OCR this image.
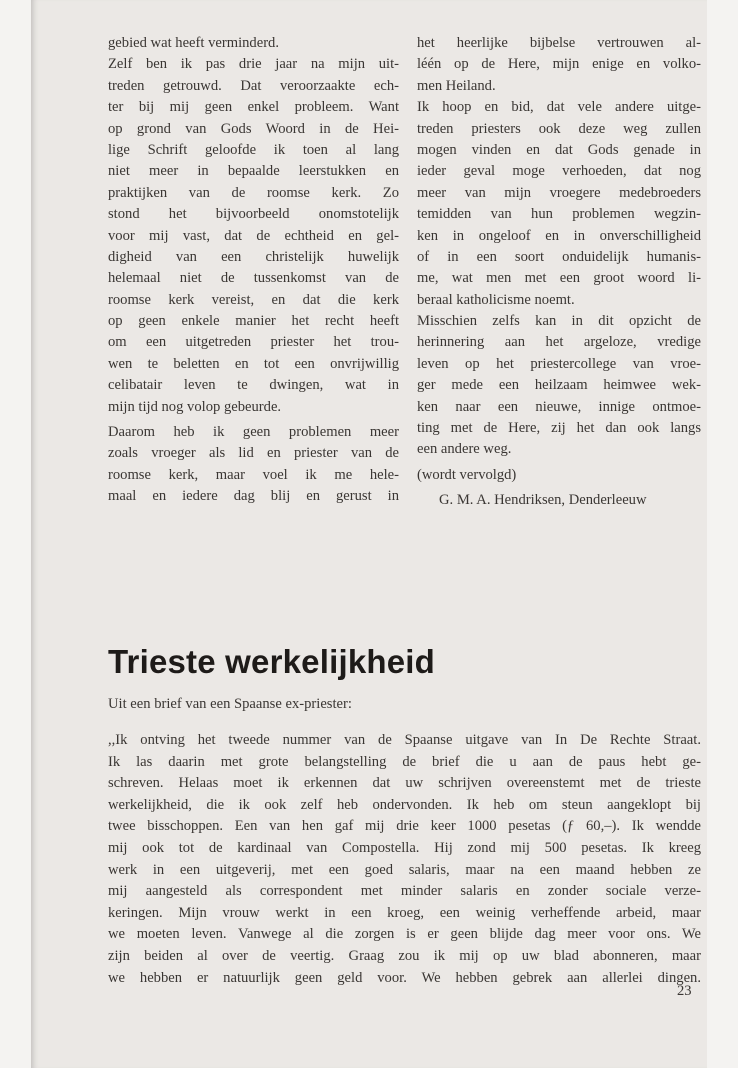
gebied wat heeft verminderd.
Zelf ben ik pas drie jaar na mijn uit-
treden getrouwd. Dat veroorzaakte ech-
ter bij mij geen enkel probleem. Want
op grond van Gods Woord in de Hei-
lige Schrift geloofde ik toen al lang
niet meer in bepaalde leerstukken en
praktijken van de roomse kerk. Zo
stond het bijvoorbeeld onomstotelijk
voor mij vast, dat de echtheid en gel-
digheid van een christelijk huwelijk
helemaal niet de tussenkomst van de
roomse kerk vereist, en dat die kerk
op geen enkele manier het recht heeft
om een uitgetreden priester het trou-
wen te beletten en tot een onvrijwillig
celibatair leven te dwingen, wat in
mijn tijd nog volop gebeurde.
Daarom heb ik geen problemen meer
zoals vroeger als lid en priester van de
roomse kerk, maar voel ik me hele-
maal en iedere dag blij en gerust in
het heerlijke bijbelse vertrouwen al-
léén op de Here, mijn enige en volko-
men Heiland.
Ik hoop en bid, dat vele andere uitge-
treden priesters ook deze weg zullen
mogen vinden en dat Gods genade in
ieder geval moge verhoeden, dat nog
meer van mijn vroegere medebroeders
temidden van hun problemen wegzin-
ken in ongeloof en in onverschilligheid
of in een soort onduidelijk humanis-
me, wat men met een groot woord li-
beraal katholicisme noemt.
Misschien zelfs kan in dit opzicht de
herinnering aan het argeloze, vredige
leven op het priestercollege van vroe-
ger mede een heilzaam heimwee wek-
ken naar een nieuwe, innige ontmoe-
ting met de Here, zij het dan ook langs
een andere weg.
(wordt vervolgd)
G. M. A. Hendriksen, Denderleeuw
Trieste werkelijkheid
Uit een brief van een Spaanse ex-priester:
,,Ik ontving het tweede nummer van de Spaanse uitgave van In De Rechte Straat.
Ik las daarin met grote belangstelling de brief die u aan de paus hebt ge-
schreven. Helaas moet ik erkennen dat uw schrijven overeenstemt met de trieste
werkelijkheid, die ik ook zelf heb ondervonden. Ik heb om steun aangeklopt bij
twee bisschoppen. Een van hen gaf mij drie keer 1000 pesetas (ƒ 60,–). Ik wendde
mij ook tot de kardinaal van Compostella. Hij zond mij 500 pesetas. Ik kreeg
werk in een uitgeverij, met een goed salaris, maar na een maand hebben ze
mij aangesteld als correspondent met minder salaris en zonder sociale verze-
keringen. Mijn vrouw werkt in een kroeg, een weinig verheffende arbeid, maar
we moeten leven. Vanwege al die zorgen is er geen blijde dag meer voor ons. We
zijn beiden al over de veertig. Graag zou ik mij op uw blad abonneren, maar
we hebben er natuurlijk geen geld voor. We hebben gebrek aan allerlei dingen.
23
